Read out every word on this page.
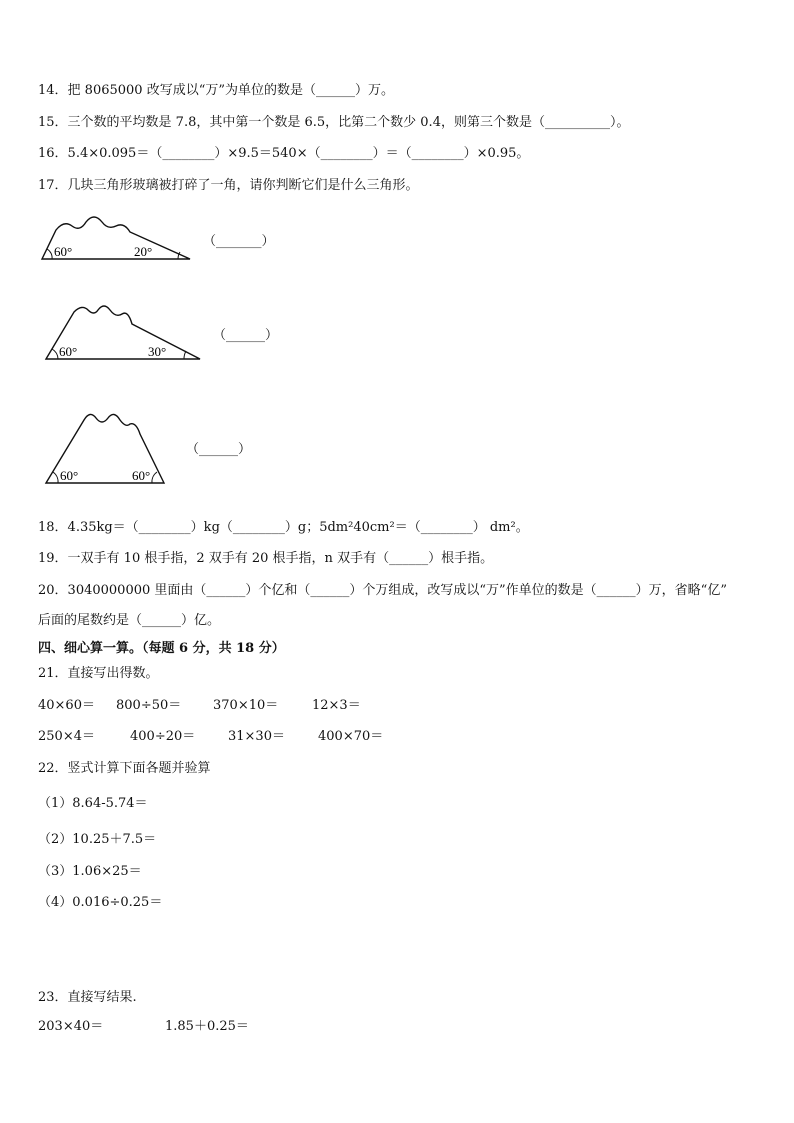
14．把 8065000 改写成以“万”为单位的数是（______）万。
15．三个数的平均数是 7.8，其中第一个数是 6.5，比第二个数少 0.4，则第三个数是（__________）。
16．5.4×0.095＝（________）×9.5＝540×（________）＝（________）×0.95。
17．几块三角形玻璃被打碎了一角，请你判断它们是什么三角形。
60°	20°
（_______）
60°	30°
（______）
60°	60°
（______）
18．4.35kg＝（________）kg（________）g；5dm²40cm²＝（________） dm²。
19．一双手有 10 根手指，2 双手有 20 根手指，n 双手有（______）根手指。
20．3040000000 里面由（______）个亿和（______）个万组成，改写成以“万”作单位的数是（______）万，省略“亿”
后面的尾数约是（______）亿。
四、细心算一算。（每题 6 分，共 18 分）
21．直接写出得数。
40×60＝ 800÷50＝ 370×10＝	12×3＝
250×4＝	400÷20＝	31×30＝	400×70＝
22．竖式计算下面各题并验算
（1）8.64-5.74＝
（2）10.25＋7.5＝
（3）1.06×25＝
（4）0.016÷0.25＝
23．直接写结果.
203×40＝	1.85＋0.25＝
